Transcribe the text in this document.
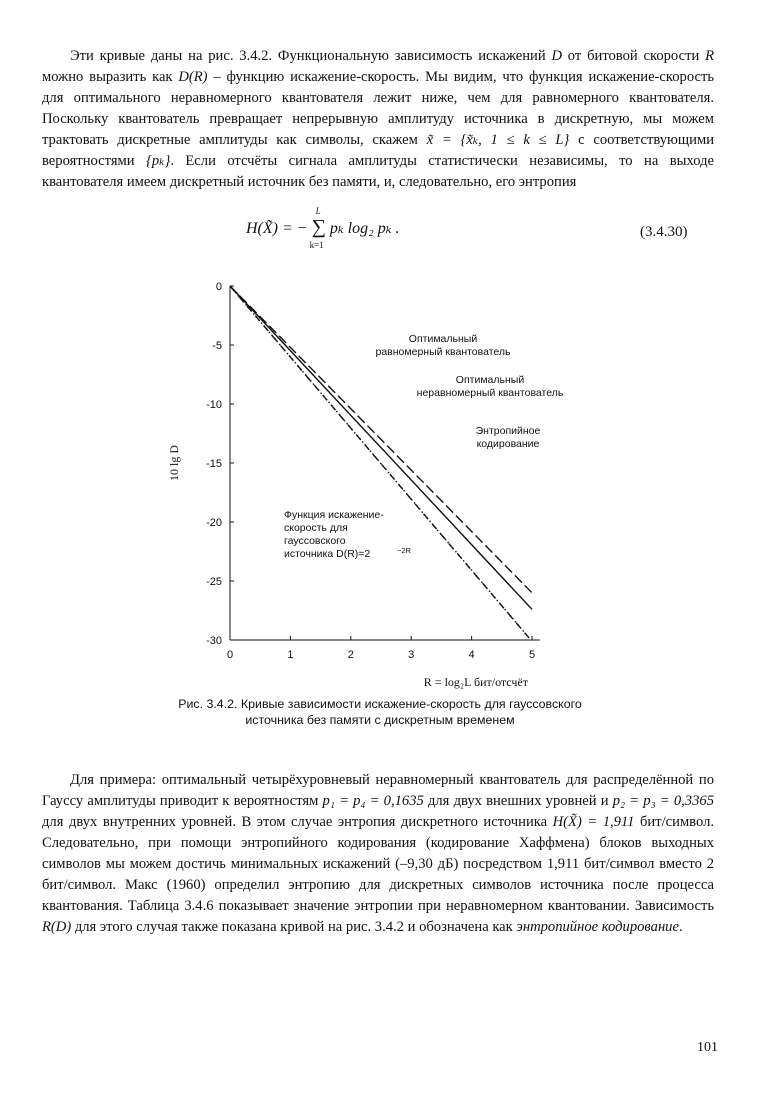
Эти кривые даны на рис. 3.4.2. Функциональную зависимость искажений D от битовой скорости R можно выразить как D(R) – функцию искажение-скорость. Мы видим, что функция искажение-скорость для оптимального неравномерного квантователя лежит ниже, чем для равномерного квантователя. Поскольку квантователь превращает непрерывную амплитуду источника в дискретную, мы можем трактовать дискретные амплитуды как символы, скажем x̃ = {x̃ₖ, 1 ≤ k ≤ L} с соответствующими вероятностями {pₖ}. Если отсчёты сигнала амплитуды статистически независимы, то на выходе квантователя имеем дискретный источник без памяти, и, следовательно, его энтропия

H(X̃) = − ∑
L
k=1
pₖ log₂ pₖ .	(3.4.30)
0	1	2	3	4	5
0
-5
-10
-15
-20
-25
-30
10 lg D
R = log₂L бит/отсчёт
Оптимальный
равномерный квантователь
Оптимальный
неравномерный квантователь
Энтропийное
кодирование
Функция искажение-
скорость для
гауссовского
источника D(R)=2	−2R
Рис. 3.4.2. Кривые зависимости искажение-скорость для гауссовского
источника без памяти с дискретным временем

Для примера: оптимальный четырёхуровневый неравномерный квантователь для распределённой по Гауссу амплитуды приводит к вероятностям p₁ = p₄ = 0,1635 для двух внешних уровней и p₂ = p₃ = 0,3365 для двух внутренних уровней. В этом случае энтропия дискретного источника H(X̃) = 1,911 бит/символ. Следовательно, при помощи энтропийного кодирования (кодирование Хаффмена) блоков выходных символов мы можем достичь минимальных искажений (–9,30 дБ) посредством 1,911 бит/символ вместо 2 бит/символ. Макс (1960) определил энтропию для дискретных символов источника после процесса квантования. Таблица 3.4.6 показывает значение энтропии при неравномерном квантовании. Зависимость R(D) для этого случая также показана кривой на рис. 3.4.2 и обозначена как энтропийное кодирование.

101
